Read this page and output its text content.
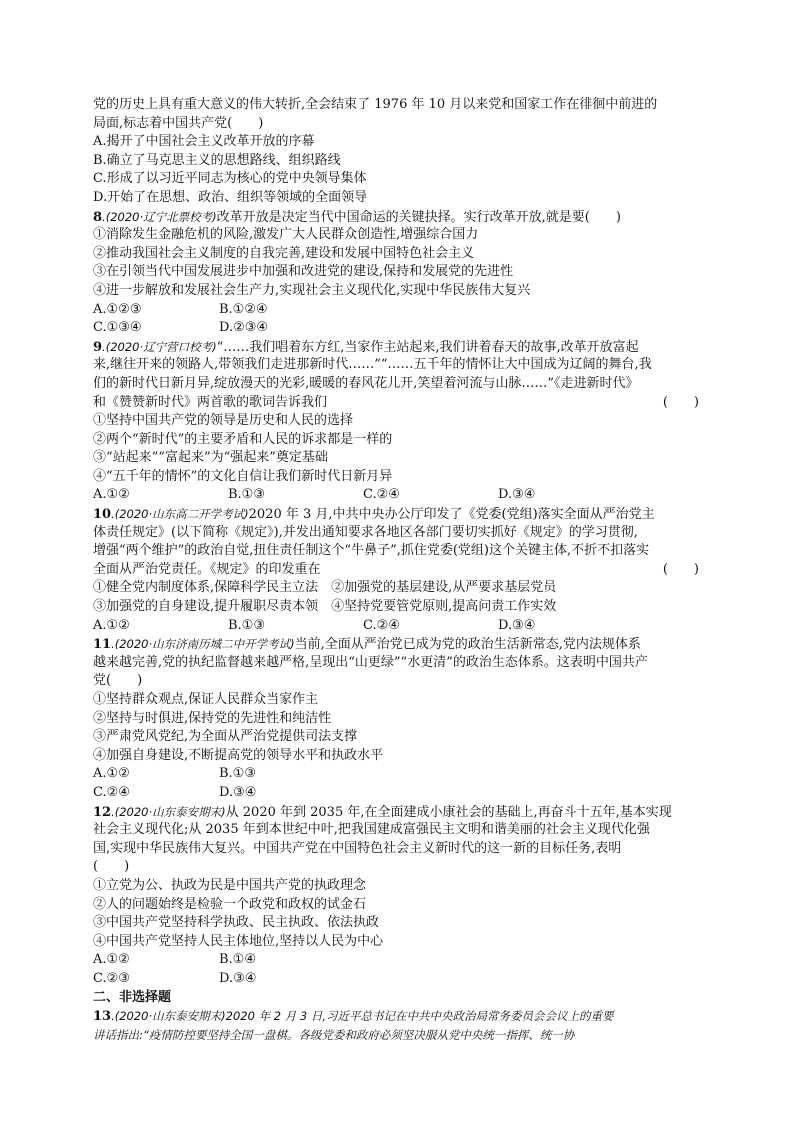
党的历史上具有重大意义的伟大转折,全会结束了 1976 年 10 月以来党和国家工作在徘徊中前进的
局面,标志着中国共产党(　　)
A.揭开了中国社会主义改革开放的序幕
B.确立了马克思主义的思想路线、组织路线
C.形成了以习近平同志为核心的党中央领导集体
D.开始了在思想、政治、组织等领域的全面领导
8.(2020·辽宁北票校考)改革开放是决定当代中国命运的关键抉择。实行改革开放,就是要(　　)
①消除发生金融危机的风险,激发广大人民群众创造性,增强综合国力
②推动我国社会主义制度的自我完善,建设和发展中国特色社会主义
③在引领当代中国发展进步中加强和改进党的建设,保持和发展党的先进性
④进一步解放和发展社会生产力,实现社会主义现代化,实现中华民族伟大复兴
A.①②③	B.①②④
C.①③④	D.②③④
9.(2020·辽宁营口校考)“……我们唱着东方红,当家作主站起来,我们讲着春天的故事,改革开放富起
来,继往开来的领路人,带领我们走进那新时代……”“……五千年的情怀让大中国成为辽阔的舞台,我
们的新时代日新月异,绽放漫天的光彩,暖暖的春风花儿开,笑望着河流与山脉……”《走进新时代》
和《赞赞新时代》两首歌的歌词告诉我们	(　　)
①坚持中国共产党的领导是历史和人民的选择
②两个“新时代”的主要矛盾和人民的诉求都是一样的
③“站起来”“富起来”为“强起来”奠定基础
④“五千年的情怀”的文化自信让我们新时代日新月异
A.①②	B.①③	C.②④	D.③④
10.(2020·山东高二开学考试)2020 年 3 月,中共中央办公厅印发了《党委(党组)落实全面从严治党主
体责任规定》(以下简称《规定》),并发出通知要求各地区各部门要切实抓好《规定》的学习贯彻,
增强“两个维护”的政治自觉,扭住责任制这个“牛鼻子”,抓住党委(党组)这个关键主体,不折不扣落实
全面从严治党责任。《规定》的印发重在	(　　)
①健全党内制度体系,保障科学民主立法　②加强党的基层建设,从严要求基层党员
③加强党的自身建设,提升履职尽责本领　④坚持党要管党原则,提高问责工作实效
A.①②	B.①③	C.②④	D.③④
11.(2020·山东济南历城二中开学考试)当前,全面从严治党已成为党的政治生活新常态,党内法规体系
越来越完善,党的执纪监督越来越严格,呈现出“山更绿”“水更清”的政治生态体系。这表明中国共产
党(　　)
①坚持群众观点,保证人民群众当家作主
②坚持与时俱进,保持党的先进性和纯洁性
③严肃党风党纪,为全面从严治党提供司法支撑
④加强自身建设,不断提高党的领导水平和执政水平
A.①②	B.①③
C.②④	D.③④
12.(2020·山东泰安期末)从 2020 年到 2035 年,在全面建成小康社会的基础上,再奋斗十五年,基本实现
社会主义现代化;从 2035 年到本世纪中叶,把我国建成富强民主文明和谐美丽的社会主义现代化强
国,实现中华民族伟大复兴。中国共产党在中国特色社会主义新时代的这一新的目标任务,表明
(　　)
①立党为公、执政为民是中国共产党的执政理念
②人的问题始终是检验一个政党和政权的试金石
③中国共产党坚持科学执政、民主执政、依法执政
④中国共产党坚持人民主体地位,坚持以人民为中心
A.①②	B.①④
C.②③	D.③④
二、非选择题
13.(2020·山东泰安期末)2020 年 2 月 3 日,习近平总书记在中共中央政治局常务委员会会议上的重要
讲话指出:“疫情防控要坚持全国一盘棋。各级党委和政府必须坚决服从党中央统一指挥、统一协
